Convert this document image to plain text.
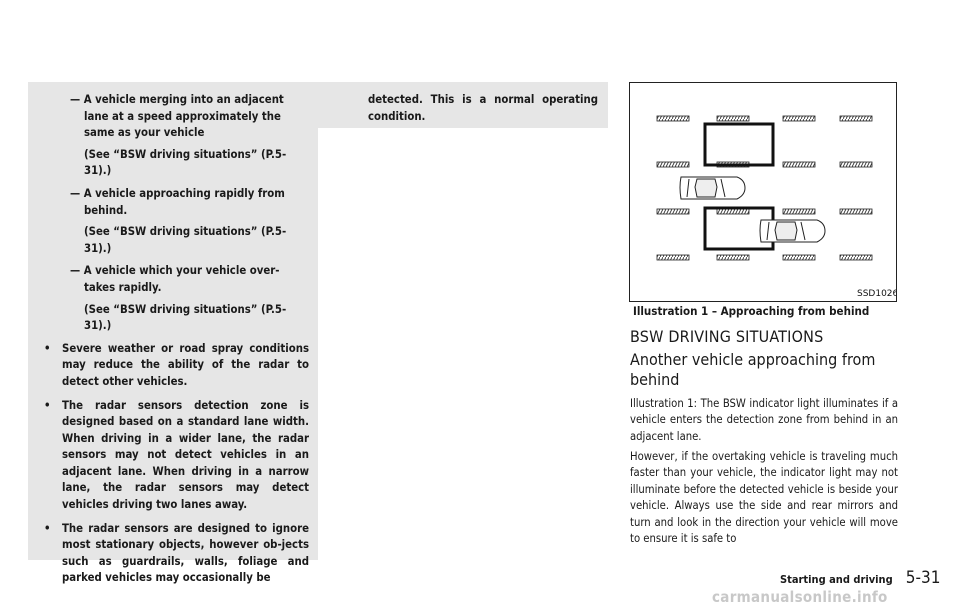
— A vehicle merging into an adjacent lane at a speed approximately the same as your vehicle
(See “BSW driving situations” (P.5-31).)
— A vehicle approaching rapidly from behind.
(See “BSW driving situations” (P.5-31).)
— A vehicle which your vehicle over-takes rapidly.
(See “BSW driving situations” (P.5-31).)
• Severe weather or road spray conditions may reduce the ability of the radar to detect other vehicles.
• The radar sensors detection zone is designed based on a standard lane width. When driving in a wider lane, the radar sensors may not detect vehicles in an adjacent lane. When driving in a narrow lane, the radar sensors may detect vehicles driving two lanes away.
• The radar sensors are designed to ignore most stationary objects, however ob-jects such as guardrails, walls, foliage and parked vehicles may occasionally be

detected. This is a normal operating condition.

SSD1026
Illustration 1 – Approaching from behind
BSW DRIVING SITUATIONS
Another vehicle approaching from behind

Illustration 1: The BSW indicator light illuminates if a vehicle enters the detection zone from behind in an adjacent lane.

However, if the overtaking vehicle is traveling much faster than your vehicle, the indicator light may not illuminate before the detected vehicle is beside your vehicle. Always use the side and rear mirrors and turn and look in the direction your vehicle will move to ensure it is safe to

Starting and driving 5-31
carmanualsonline.info
